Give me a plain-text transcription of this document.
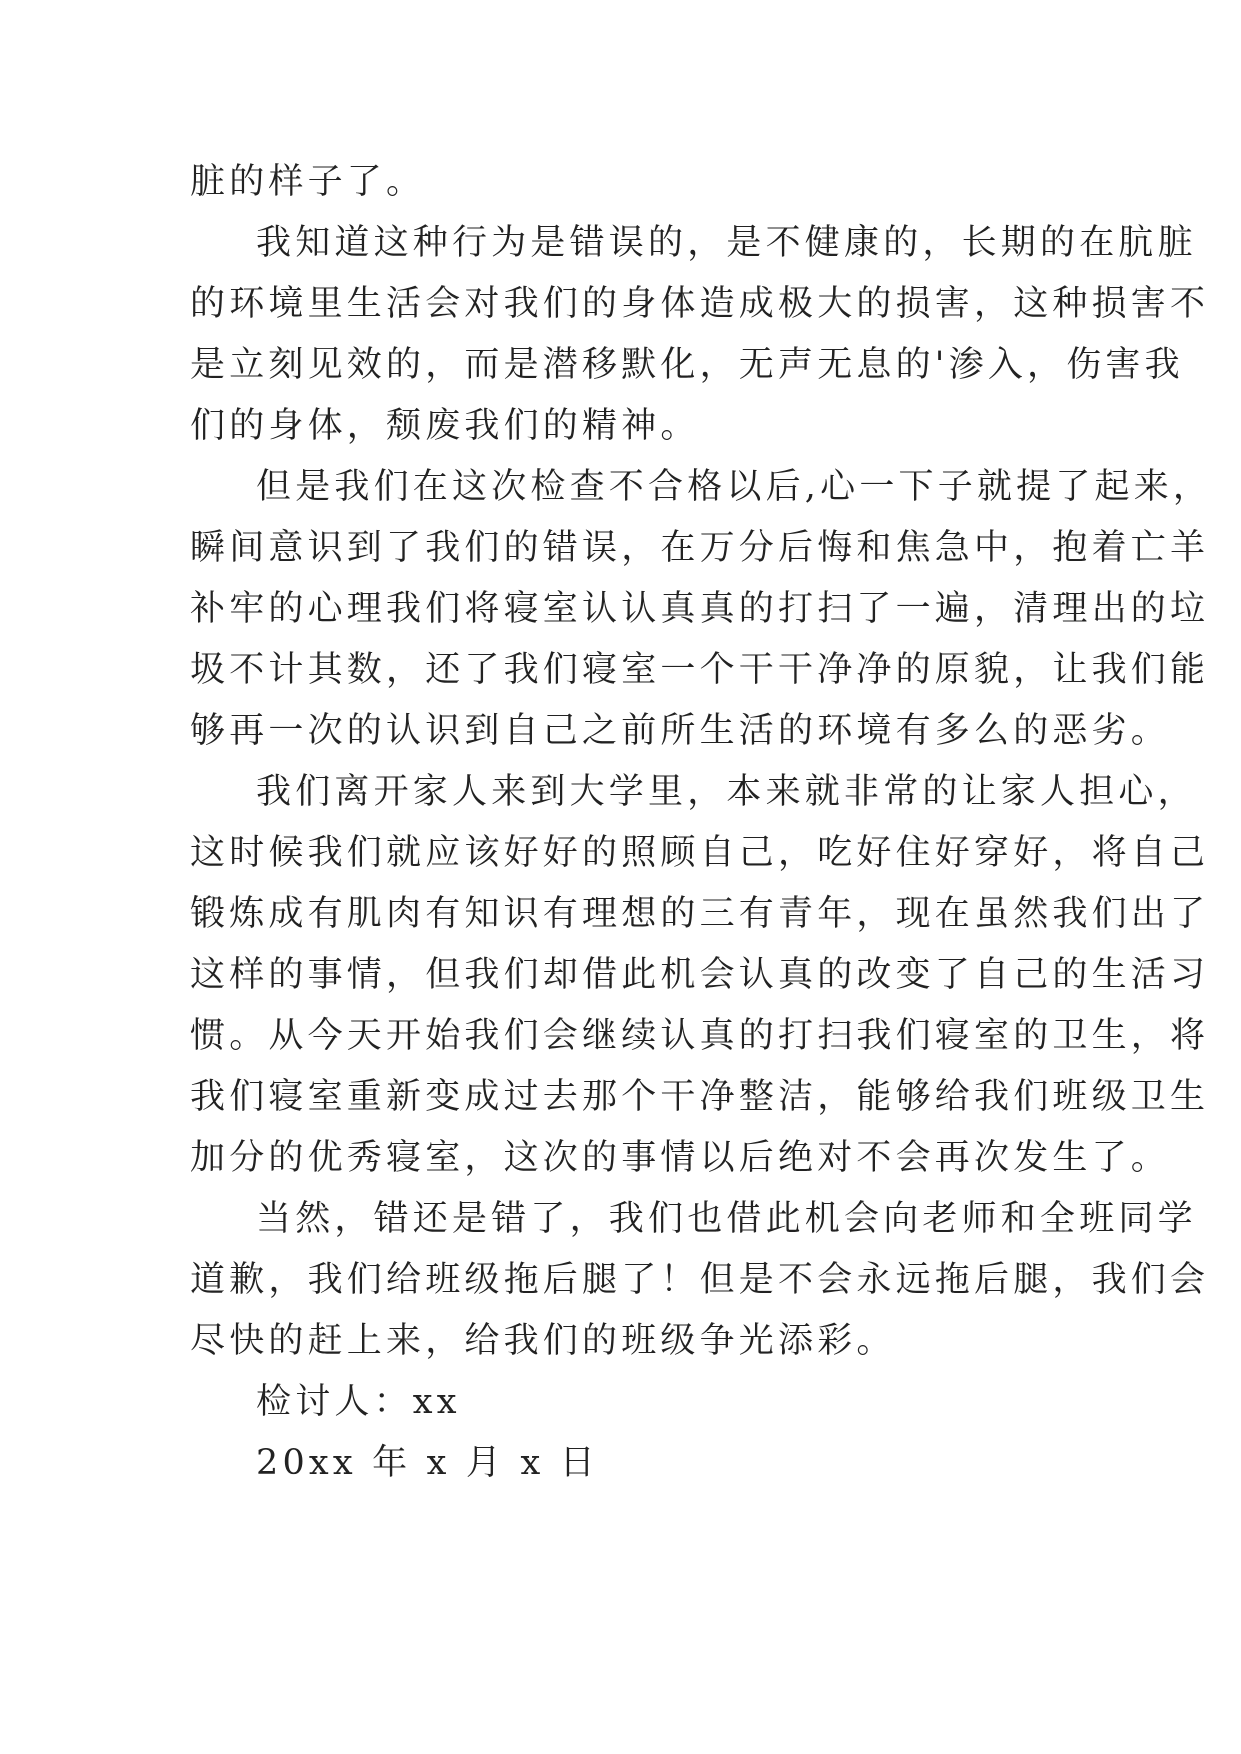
脏的样子了。
我知道这种行为是错误的，是不健康的，长期的在肮脏
的环境里生活会对我们的身体造成极大的损害，这种损害不
是立刻见效的，而是潜移默化，无声无息的'渗入，伤害我
们的身体，颓废我们的精神。
但是我们在这次检查不合格以后,心一下子就提了起来，
瞬间意识到了我们的错误，在万分后悔和焦急中，抱着亡羊
补牢的心理我们将寝室认认真真的打扫了一遍，清理出的垃
圾不计其数，还了我们寝室一个干干净净的原貌，让我们能
够再一次的认识到自己之前所生活的环境有多么的恶劣。
我们离开家人来到大学里，本来就非常的让家人担心，
这时候我们就应该好好的照顾自己，吃好住好穿好，将自己
锻炼成有肌肉有知识有理想的三有青年，现在虽然我们出了
这样的事情，但我们却借此机会认真的改变了自己的生活习
惯。从今天开始我们会继续认真的打扫我们寝室的卫生，将
我们寝室重新变成过去那个干净整洁，能够给我们班级卫生
加分的优秀寝室，这次的事情以后绝对不会再次发生了。
当然，错还是错了，我们也借此机会向老师和全班同学
道歉，我们给班级拖后腿了！但是不会永远拖后腿，我们会
尽快的赶上来，给我们的班级争光添彩。
检讨人：xx
20xx 年 x 月 x 日
